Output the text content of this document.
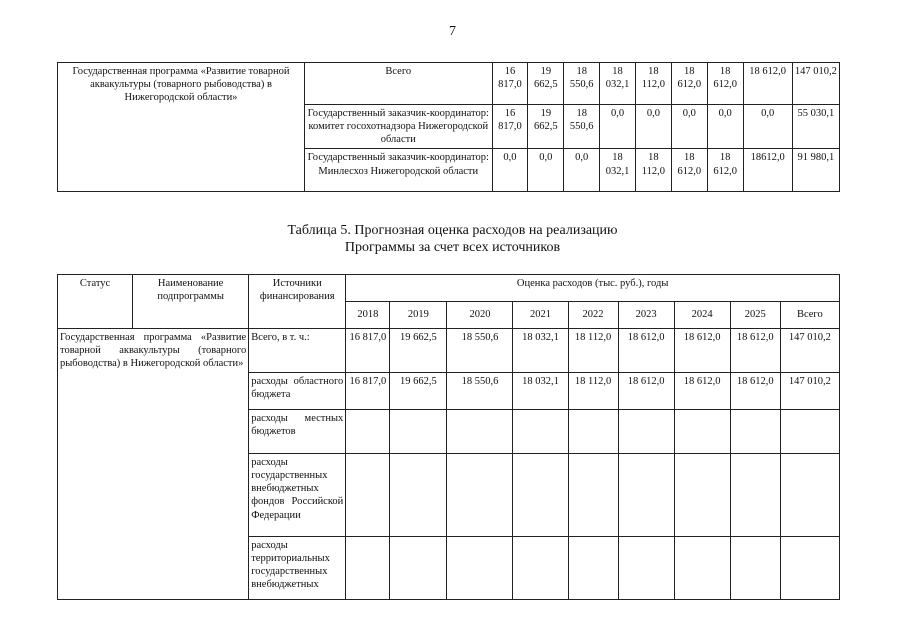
7
Государственная программа «Развитие товарной аквакультуры (товарного рыбоводства) в Нижегородской области»	Всего	16 817,0	19 662,5	18 550,6	18 032,1	18 112,0	18 612,0	18 612,0	18 612,0	147 010,2
	Государственный заказчик-координатор: комитет госохотнадзора Нижегородской области	16 817,0	19 662,5	18 550,6	0,0	0,0	0,0	0,0	0,0	55 030,1
	Государственный заказчик-координатор: Минлесхоз Нижегородской области	0,0	0,0	0,0	18 032,1	18 112,0	18 612,0	18 612,0	18612,0	91 980,1
Таблица 5. Прогнозная оценка расходов на реализацию
Программы за счет всех источников
Статус	Наименование подпрограммы	Источники финансирования	Оценка расходов (тыс. руб.), годы								
			2018	2019	2020	2021	2022	2023	2024	2025	Всего
Государственная программа «Развитие товарной аквакультуры (товарного рыбоводства) в Нижегородской области»		Всего, в т. ч.:	16 817,0	19 662,5	18 550,6	18 032,1	18 112,0	18 612,0	18 612,0	18 612,0	147 010,2
		расходы областного бюджета	16 817,0	19 662,5	18 550,6	18 032,1	18 112,0	18 612,0	18 612,0	18 612,0	147 010,2
		расходы местных бюджетов									
		расходы государственных внебюджетных фондов Российской Федерации									
		расходы территориальных государственных внебюджетных									
